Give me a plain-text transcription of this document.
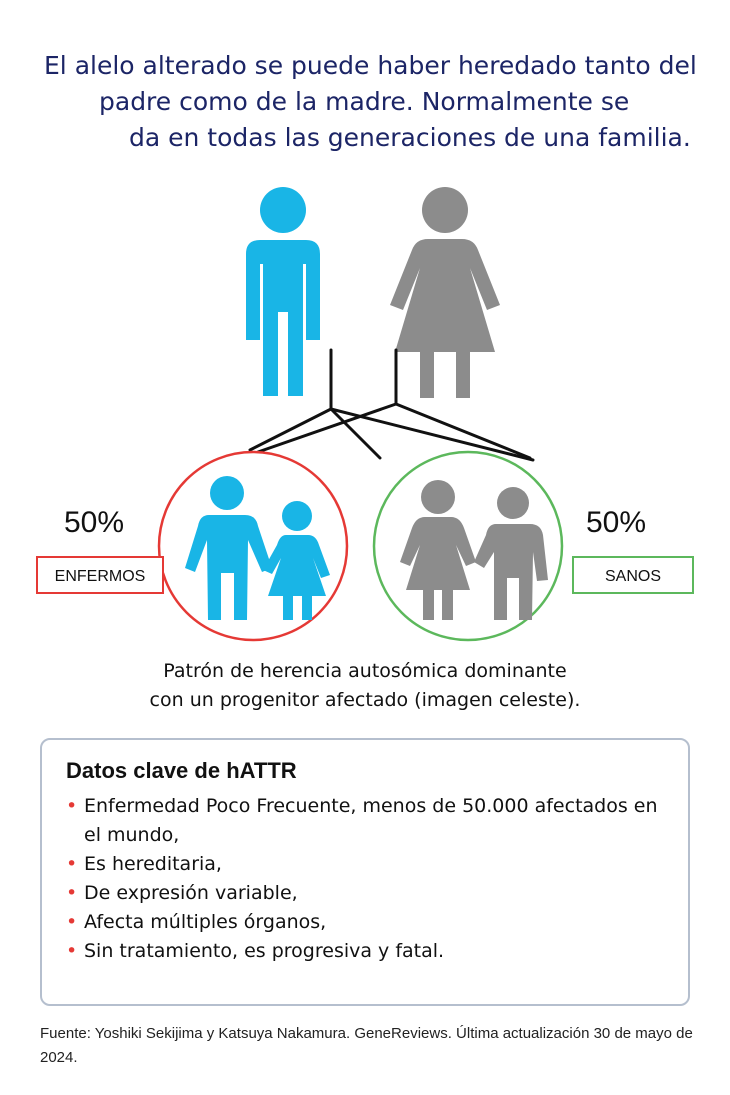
El alelo alterado se puede haber heredado tanto del
padre como de la madre. Normalmente se
da en todas las generaciones de una familia.
50%
ENFERMOS
50%
SANOS
Patrón de herencia autosómica dominante
con un progenitor afectado (imagen celeste).
Datos clave de hATTR
• Enfermedad Poco Frecuente, menos de 50.000 afectados en el mundo,
• Es hereditaria,
• De expresión variable,
• Afecta múltiples órganos,
• Sin tratamiento, es progresiva y fatal.
Fuente: Yoshiki Sekijima y Katsuya Nakamura. GeneReviews. Última actualización 30 de mayo de 2024.
